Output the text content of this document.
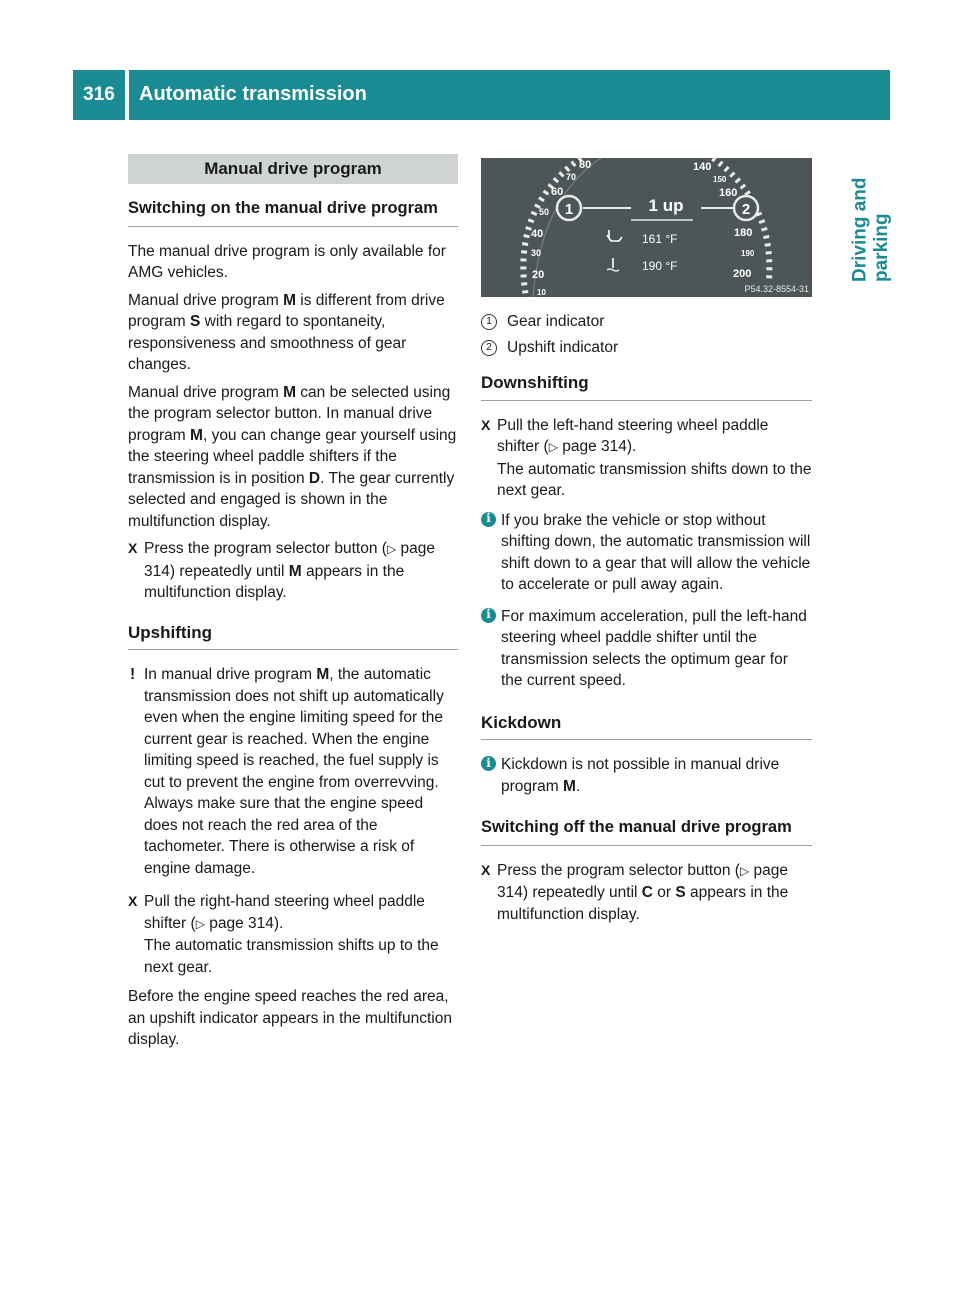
316	Automatic transmission
Driving and parking
Manual drive program
Switching on the manual drive program

The manual drive program is only available for AMG vehicles.

Manual drive program M is different from drive program S with regard to spontaneity, responsiveness and smoothness of gear changes.

Manual drive program M can be selected using the program selector button. In manual drive program M, you can change gear yourself using the steering wheel paddle shifters if the transmission is in position D. The gear currently selected and engaged is shown in the multifunction display.

X Press the program selector button (▷ page 314) repeatedly until M appears in the multifunction display.
Upshifting
! In manual drive program M, the automatic transmission does not shift up automatically even when the engine limiting speed for the current gear is reached. When the engine limiting speed is reached, the fuel supply is cut to prevent the engine from overrevving. Always make sure that the engine speed does not reach the red area of the tachometer. There is otherwise a risk of engine damage.
X Pull the right-hand steering wheel paddle shifter (▷ page 314).
The automatic transmission shifts up to the next gear.

Before the engine speed reaches the red area, an upshift indicator appears in the multifunction display.

1	2
1 up
80
70
60
50
40
30
20
10
140
150
160
180
190
200
161 °F
190 °F
P54.32-8554-31
1 Gear indicator
2 Upshift indicator
Downshifting
X Pull the left-hand steering wheel paddle shifter (▷ page 314).
The automatic transmission shifts down to the next gear.
i If you brake the vehicle or stop without shifting down, the automatic transmission will shift down to a gear that will allow the vehicle to accelerate or pull away again.
i For maximum acceleration, pull the left-hand steering wheel paddle shifter until the transmission selects the optimum gear for the current speed.
Kickdown
i Kickdown is not possible in manual drive program M.
Switching off the manual drive program
X Press the program selector button (▷ page 314) repeatedly until C or S appears in the multifunction display.
